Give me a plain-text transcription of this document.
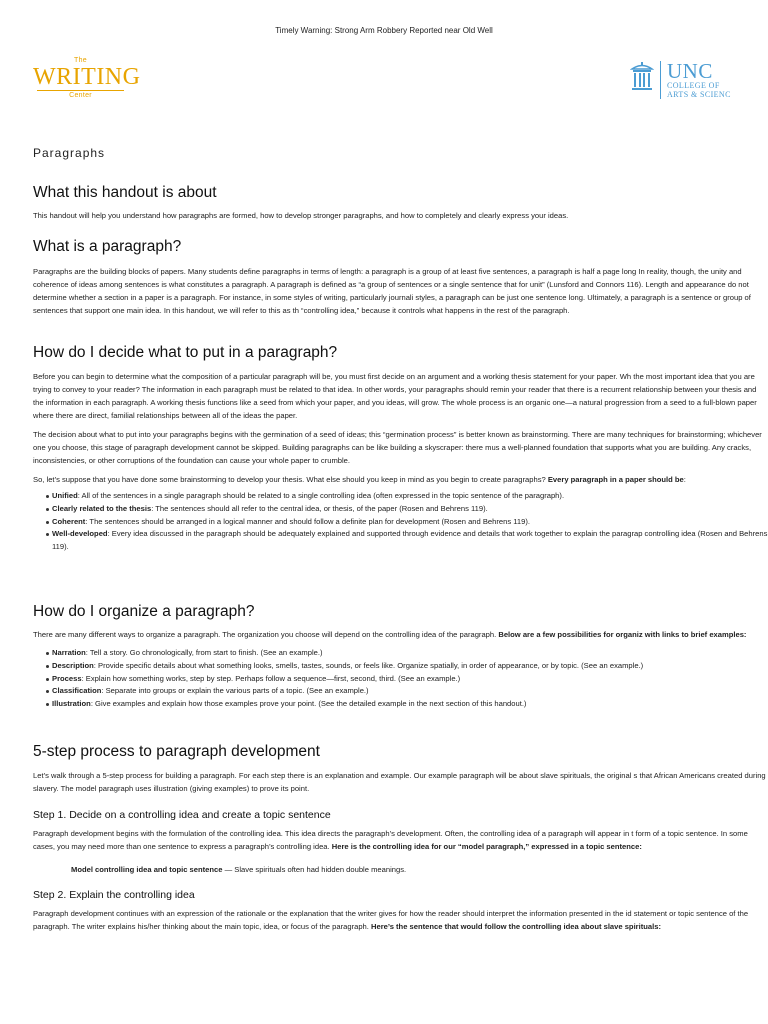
Timely Warning: Strong Arm Robbery Reported near Old Well
The
WRITING
Center
UNC
COLLEGE OF
ARTS & SCIENC
Paragraphs
What this handout is about

This handout will help you understand how paragraphs are formed, how to develop stronger paragraphs, and how to completely and clearly express your ideas.

What is a paragraph?

Paragraphs are the building blocks of papers. Many students define paragraphs in terms of length: a paragraph is a group of at least five sentences, a paragraph is half a page long In reality, though, the unity and coherence of ideas among sentences is what constitutes a paragraph. A paragraph is defined as “a group of sentences or a single sentence that for unit” (Lunsford and Connors 116). Length and appearance do not determine whether a section in a paper is a paragraph. For instance, in some styles of writing, particularly journali styles, a paragraph can be just one sentence long. Ultimately, a paragraph is a sentence or group of sentences that support one main idea. In this handout, we will refer to this as th “controlling idea,” because it controls what happens in the rest of the paragraph.

How do I decide what to put in a paragraph?

Before you can begin to determine what the composition of a particular paragraph will be, you must first decide on an argument and a working thesis statement for your paper. Wh the most important idea that you are trying to convey to your reader? The information in each paragraph must be related to that idea. In other words, your paragraphs should remin your reader that there is a recurrent relationship between your thesis and the information in each paragraph. A working thesis functions like a seed from which your paper, and you ideas, will grow. The whole process is an organic one—a natural progression from a seed to a full-blown paper where there are direct, familial relationships between all of the ideas the paper.

The decision about what to put into your paragraphs begins with the germination of a seed of ideas; this “germination process” is better known as brainstorming. There are many techniques for brainstorming; whichever one you choose, this stage of paragraph development cannot be skipped. Building paragraphs can be like building a skyscraper: there mus a well-planned foundation that supports what you are building. Any cracks, inconsistencies, or other corruptions of the foundation can cause your whole paper to crumble.

So, let’s suppose that you have done some brainstorming to develop your thesis. What else should you keep in mind as you begin to create paragraphs? Every paragraph in a paper should be:

Unified: All of the sentences in a single paragraph should be related to a single controlling idea (often expressed in the topic sentence of the paragraph).
Clearly related to the thesis: The sentences should all refer to the central idea, or thesis, of the paper (Rosen and Behrens 119).
Coherent: The sentences should be arranged in a logical manner and should follow a definite plan for development (Rosen and Behrens 119).
Well-developed: Every idea discussed in the paragraph should be adequately explained and supported through evidence and details that work together to explain the paragrap controlling idea (Rosen and Behrens 119).
How do I organize a paragraph?

There are many different ways to organize a paragraph. The organization you choose will depend on the controlling idea of the paragraph. Below are a few possibilities for organiz with links to brief examples:

Narration: Tell a story. Go chronologically, from start to finish. (See an example.)
Description: Provide specific details about what something looks, smells, tastes, sounds, or feels like. Organize spatially, in order of appearance, or by topic. (See an example.)
Process: Explain how something works, step by step. Perhaps follow a sequence—first, second, third. (See an example.)
Classification: Separate into groups or explain the various parts of a topic. (See an example.)
Illustration: Give examples and explain how those examples prove your point. (See the detailed example in the next section of this handout.)
5-step process to paragraph development

Let’s walk through a 5-step process for building a paragraph. For each step there is an explanation and example. Our example paragraph will be about slave spirituals, the original s that African Americans created during slavery. The model paragraph uses illustration (giving examples) to prove its point.

Step 1. Decide on a controlling idea and create a topic sentence

Paragraph development begins with the formulation of the controlling idea. This idea directs the paragraph’s development. Often, the controlling idea of a paragraph will appear in t form of a topic sentence. In some cases, you may need more than one sentence to express a paragraph’s controlling idea. Here is the controlling idea for our “model paragraph,” expressed in a topic sentence:

Model controlling idea and topic sentence — Slave spirituals often had hidden double meanings.

Step 2. Explain the controlling idea

Paragraph development continues with an expression of the rationale or the explanation that the writer gives for how the reader should interpret the information presented in the id statement or topic sentence of the paragraph. The writer explains his/her thinking about the main topic, idea, or focus of the paragraph. Here’s the sentence that would follow the controlling idea about slave spirituals:
